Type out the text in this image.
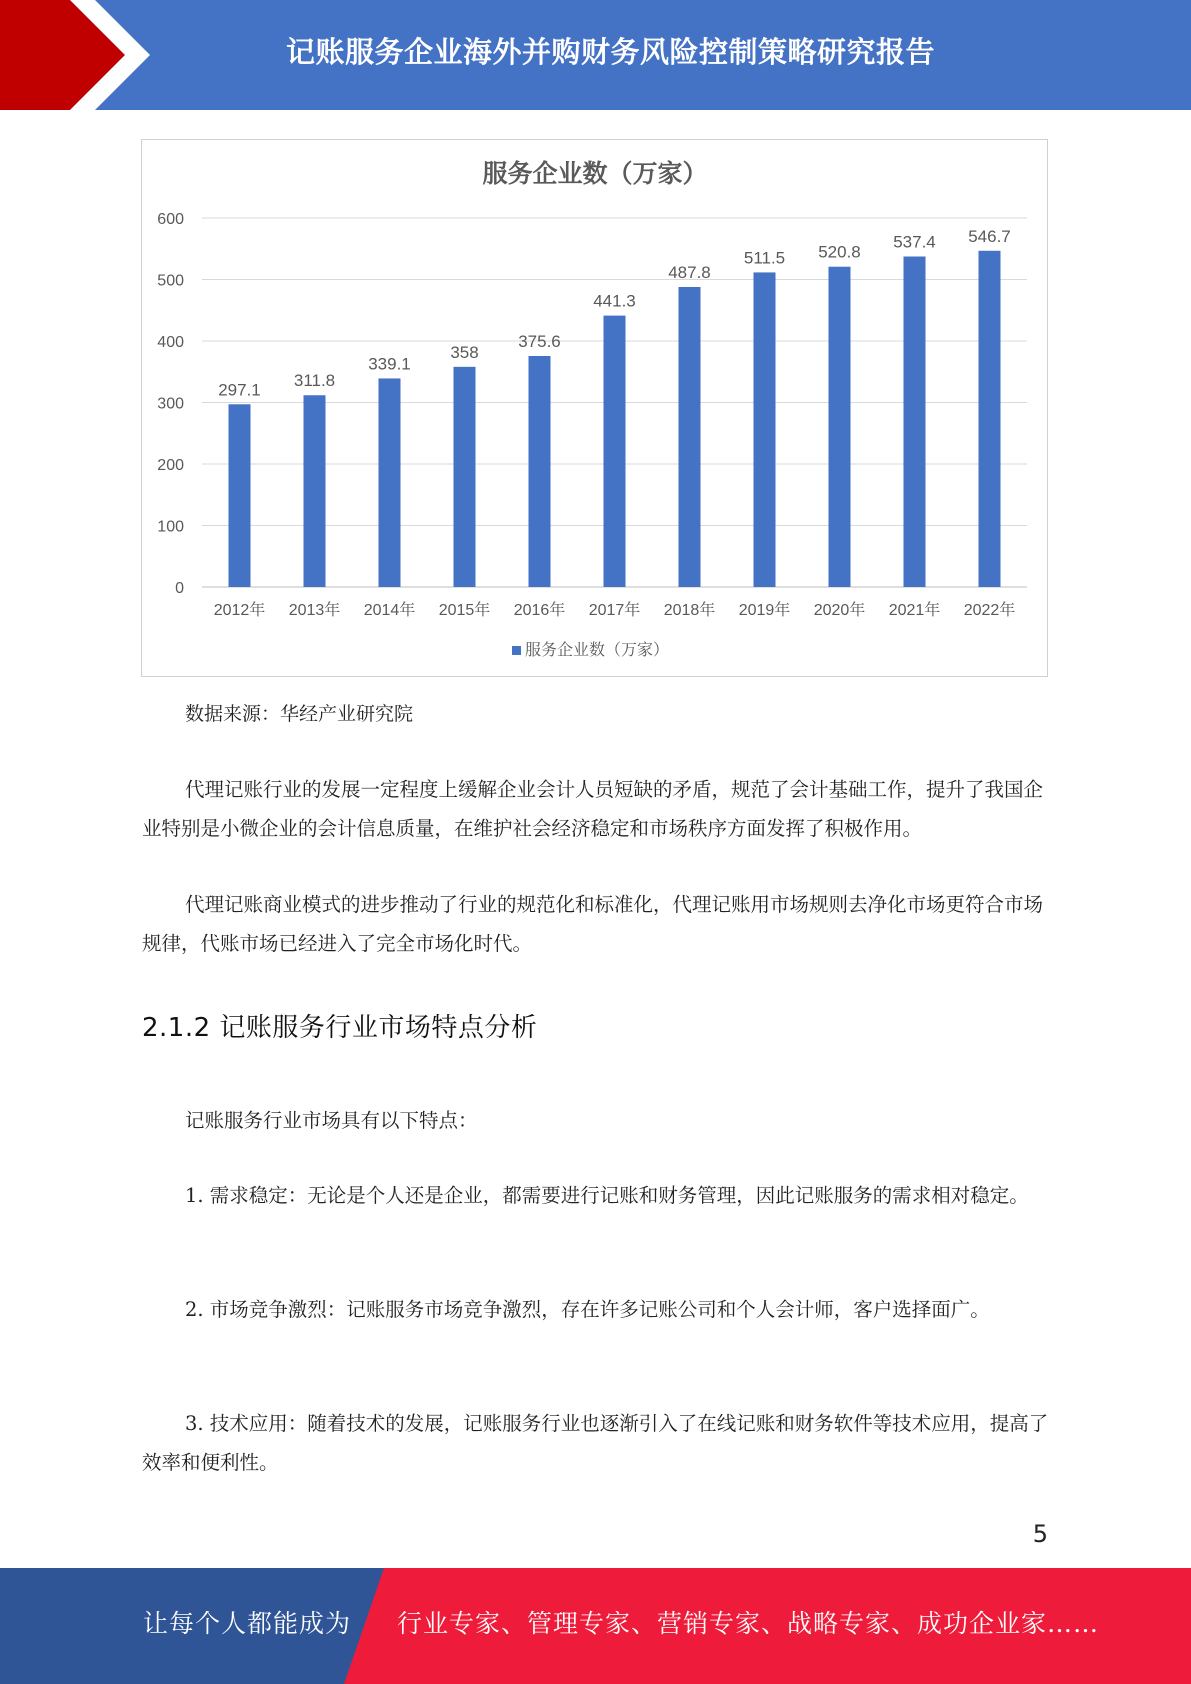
记账服务企业海外并购财务风险控制策略研究报告
服务企业数（万家）
0
100
200
300
400
500
600
297.1
2012年
311.8
2013年
339.1
2014年
358
2015年
375.6
2016年
441.3
2017年
487.8
2018年
511.5
2019年
520.8
2020年
537.4
2021年
546.7
2022年
服务企业数（万家）
数据来源：华经产业研究院
代理记账行业的发展一定程度上缓解企业会计人员短缺的矛盾，规范了会计基础工作，提升了我国企业特别是小微企业的会计信息质量，在维护社会经济稳定和市场秩序方面发挥了积极作用。
代理记账商业模式的进步推动了行业的规范化和标准化，代理记账用市场规则去净化市场更符合市场规律，代账市场已经进入了完全市场化时代。
2.1.2 记账服务行业市场特点分析
记账服务行业市场具有以下特点：
1. 需求稳定：无论是个人还是企业，都需要进行记账和财务管理，因此记账服务的需求相对稳定。
2. 市场竞争激烈：记账服务市场竞争激烈，存在许多记账公司和个人会计师，客户选择面广。
3. 技术应用：随着技术的发展，记账服务行业也逐渐引入了在线记账和财务软件等技术应用，提高了效率和便利性。
5
让每个人都能成为 行业专家、管理专家、营销专家、战略专家、成功企业家……
